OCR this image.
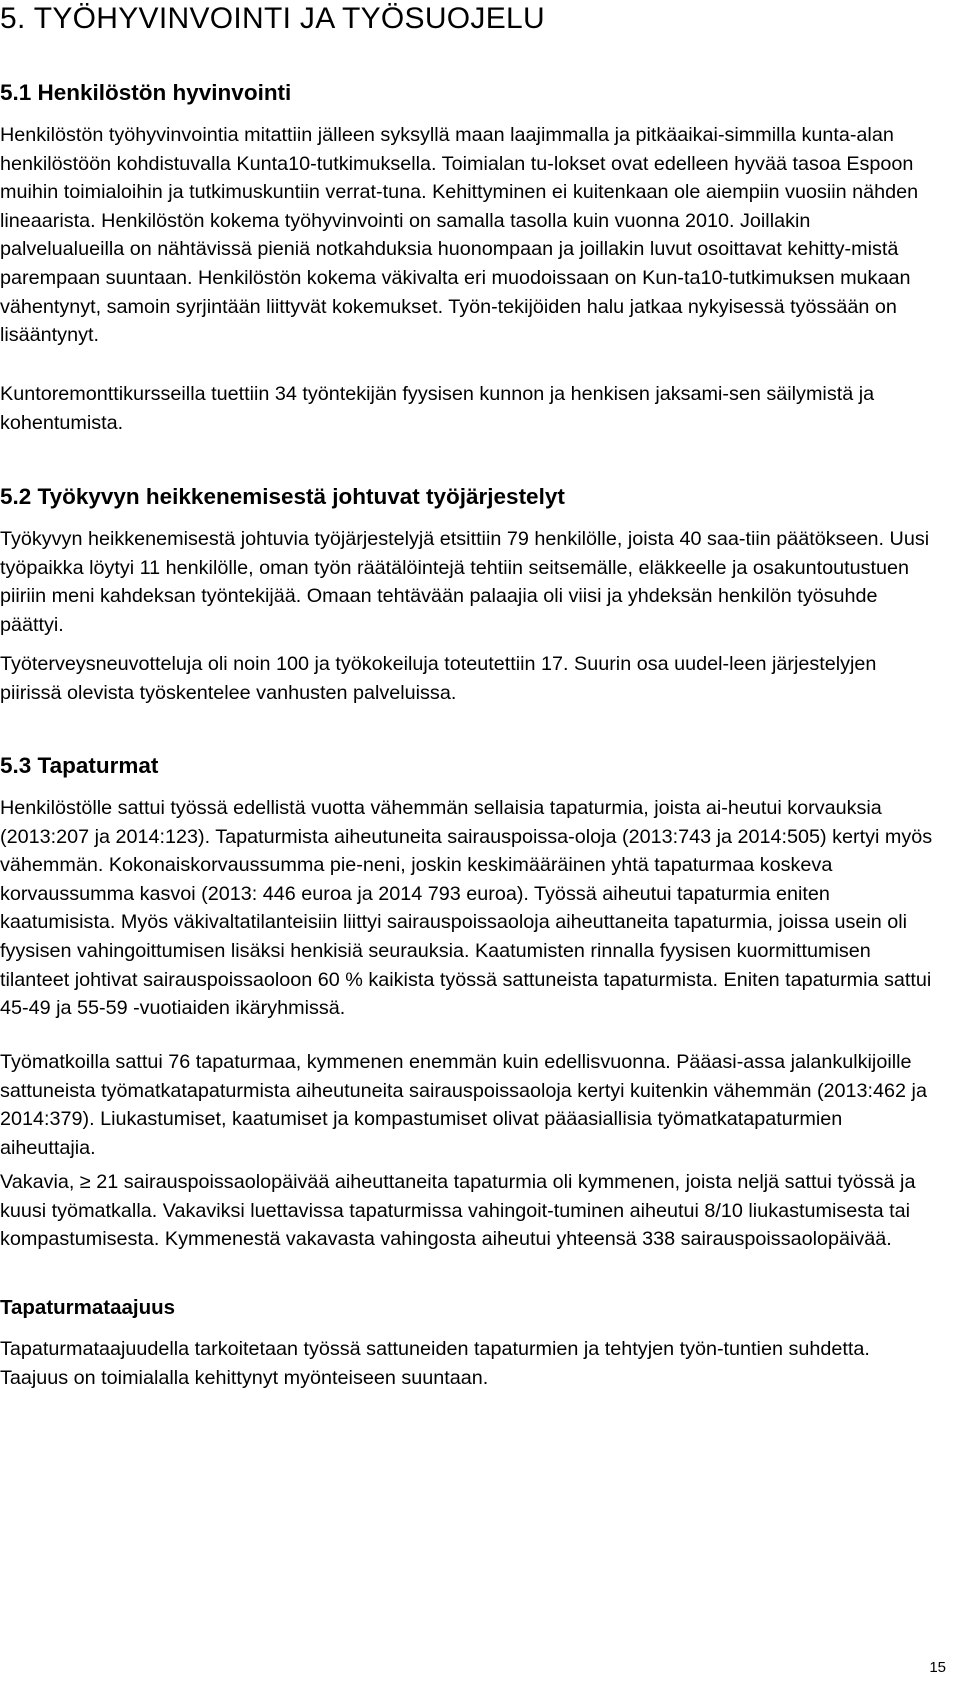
5. TYÖHYVINVOINTI JA TYÖSUOJELU
5.1 Henkilöstön hyvinvointi

Henkilöstön työhyvinvointia mitattiin jälleen syksyllä maan laajimmalla ja pitkäaikai-simmilla kunta-alan henkilöstöön kohdistuvalla Kunta10-tutkimuksella. Toimialan tu-lokset ovat edelleen hyvää tasoa Espoon muihin toimialoihin ja tutkimuskuntiin verrat-tuna. Kehittyminen ei kuitenkaan ole aiempiin vuosiin nähden lineaarista. Henkilöstön kokema työhyvinvointi on samalla tasolla kuin vuonna 2010. Joillakin palvelualueilla on nähtävissä pieniä notkahduksia huonompaan ja joillakin luvut osoittavat kehitty-mistä parempaan suuntaan. Henkilöstön kokema väkivalta eri muodoissaan on Kun-ta10-tutkimuksen mukaan vähentynyt, samoin syrjintään liittyvät kokemukset. Työn-tekijöiden halu jatkaa nykyisessä työssään on lisääntynyt.

Kuntoremonttikursseilla tuettiin 34 työntekijän fyysisen kunnon ja henkisen jaksami-sen säilymistä ja kohentumista.

5.2 Työkyvyn heikkenemisestä johtuvat työjärjestelyt

Työkyvyn heikkenemisestä johtuvia työjärjestelyjä etsittiin 79 henkilölle, joista 40 saa-tiin päätökseen. Uusi työpaikka löytyi 11 henkilölle, oman työn räätälöintejä tehtiin seitsemälle, eläkkeelle ja osakuntoutustuen piiriin meni kahdeksan työntekijää. Omaan tehtävään palaajia oli viisi ja yhdeksän henkilön työsuhde päättyi.

Työterveysneuvotteluja oli noin 100 ja työkokeiluja toteutettiin 17. Suurin osa uudel-leen järjestelyjen piirissä olevista työskentelee vanhusten palveluissa.

5.3 Tapaturmat

Henkilöstölle sattui työssä edellistä vuotta vähemmän sellaisia tapaturmia, joista ai-heutui korvauksia (2013:207 ja 2014:123). Tapaturmista aiheutuneita sairauspoissa-oloja (2013:743 ja 2014:505) kertyi myös vähemmän. Kokonaiskorvaussumma pie-neni, joskin keskimääräinen yhtä tapaturmaa koskeva korvaussumma kasvoi (2013: 446 euroa ja 2014 793 euroa). Työssä aiheutui tapaturmia eniten kaatumisista. Myös väkivaltatilanteisiin liittyi sairauspoissaoloja aiheuttaneita tapaturmia, joissa usein oli fyysisen vahingoittumisen lisäksi henkisiä seurauksia. Kaatumisten rinnalla fyysisen kuormittumisen tilanteet johtivat sairauspoissaoloon 60 % kaikista työssä sattuneista tapaturmista. Eniten tapaturmia sattui 45-49 ja 55-59 -vuotiaiden ikäryhmissä.

Työmatkoilla sattui 76 tapaturmaa, kymmenen enemmän kuin edellisvuonna. Pääasi-assa jalankulkijoille sattuneista työmatkatapaturmista aiheutuneita sairauspoissaoloja kertyi kuitenkin vähemmän (2013:462 ja 2014:379). Liukastumiset, kaatumiset ja kompastumiset olivat pääasiallisia työmatkatapaturmien aiheuttajia.

Vakavia, ≥ 21 sairauspoissaolopäivää aiheuttaneita tapaturmia oli kymmenen, joista neljä sattui työssä ja kuusi työmatkalla. Vakaviksi luettavissa tapaturmissa vahingoit-tuminen aiheutui 8/10 liukastumisesta tai kompastumisesta. Kymmenestä vakavasta vahingosta aiheutui yhteensä 338 sairauspoissaolopäivää.

Tapaturmataajuus

Tapaturmataajuudella tarkoitetaan työssä sattuneiden tapaturmien ja tehtyjen työn-tuntien suhdetta. Taajuus on toimialalla kehittynyt myönteiseen suuntaan.

15
